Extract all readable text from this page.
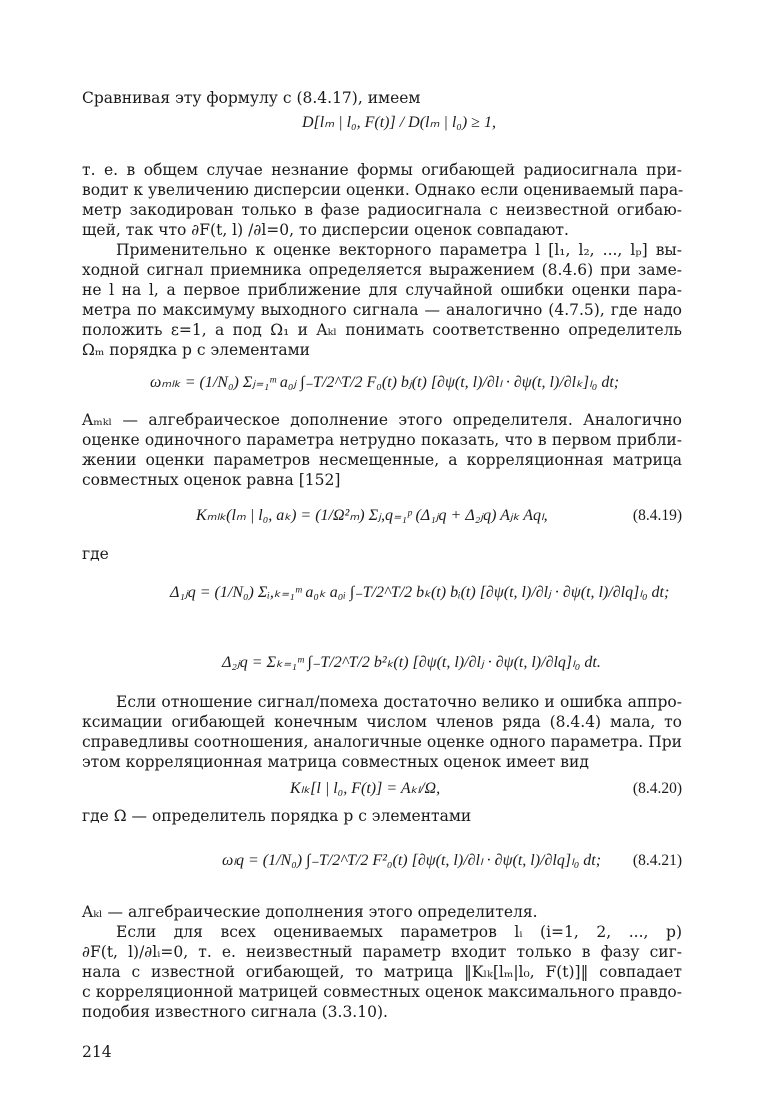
Сравнивая эту формулу с (8.4.17), имеем
D[lₘ | l₀, F(t)] / D(lₘ | l₀) ≥ 1,
т. е. в общем случае незнание формы огибающей радиосигнала при-
водит к увеличению дисперсии оценки. Однако если оцениваемый пара-
метр закодирован только в фазе радиосигнала с неизвестной огибаю-
щей, так что ∂F(t, l) /∂l=0, то дисперсии оценок совпадают.
Применительно к оценке векторного параметра l [l₁, l₂, ..., lₚ] вы-
ходной сигнал приемника определяется выражением (8.4.6) при заме-
не l на l, а первое приближение для случайной ошибки оценки пара-
метра по максимуму выходного сигнала — аналогично (4.7.5), где надо
положить ε=1, а под Ω₁ и Aₖₗ понимать соответственно определитель
Ωₘ порядка p с элементами
ωₘₗₖ = (1/N₀) Σⱼ₌₁ᵐ a₀ⱼ ∫₋T/2^T/2 F₀(t) bⱼ(t) [∂ψ(t, l)/∂lₗ · ∂ψ(t, l)/∂lₖ]ₗ₀ dt;
Aₘₖₗ — алгебраическое дополнение этого определителя. Аналогично
оценке одиночного параметра нетрудно показать, что в первом прибли-
жении оценки параметров несмещенные, а корреляционная матрица
совместных оценок равна [152]
Kₘₗₖ(lₘ | l₀, aₖ) = (1/Ω²ₘ) Σⱼ,q₌₁ᵖ (Δ₁ⱼq + Δ₂ⱼq) Aⱼₖ Aqₗ,	(8.4.19)
где
Δ₁ⱼq = (1/N₀) Σᵢ,ₖ₌₁ᵐ a₀ₖ a₀ᵢ ∫₋T/2^T/2 bₖ(t) bᵢ(t) [∂ψ(t, l)/∂lⱼ · ∂ψ(t, l)/∂lq]ₗ₀ dt;
Δ₂ⱼq = Σₖ₌₁ᵐ ∫₋T/2^T/2 b²ₖ(t) [∂ψ(t, l)/∂lⱼ · ∂ψ(t, l)/∂lq]ₗ₀ dt.
Если отношение сигнал/помеха достаточно велико и ошибка аппро-
ксимации огибающей конечным числом членов ряда (8.4.4) мала, то
справедливы соотношения, аналогичные оценке одного параметра. При
этом корреляционная матрица совместных оценок имеет вид
Kₗₖ[l | l₀, F(t)] = Aₖₗ/Ω,	(8.4.20)
где Ω — определитель порядка p с элементами
ωₗq = (1/N₀) ∫₋T/2^T/2 F²₀(t) [∂ψ(t, l)/∂lₗ · ∂ψ(t, l)/∂lq]ₗ₀ dt; (8.4.21)
Aₖₗ — алгебраические дополнения этого определителя.
Если для всех оцениваемых параметров lᵢ (i=1, 2, ..., p)
∂F(t, l)/∂lᵢ=0, т. е. неизвестный параметр входит только в фазу сиг-
нала с известной огибающей, то матрица ‖Kₗₖ[lₘ|l₀, F(t)]‖ совпадает
с корреляционной матрицей совместных оценок максимального правдо-
подобия известного сигнала (3.3.10).
214
